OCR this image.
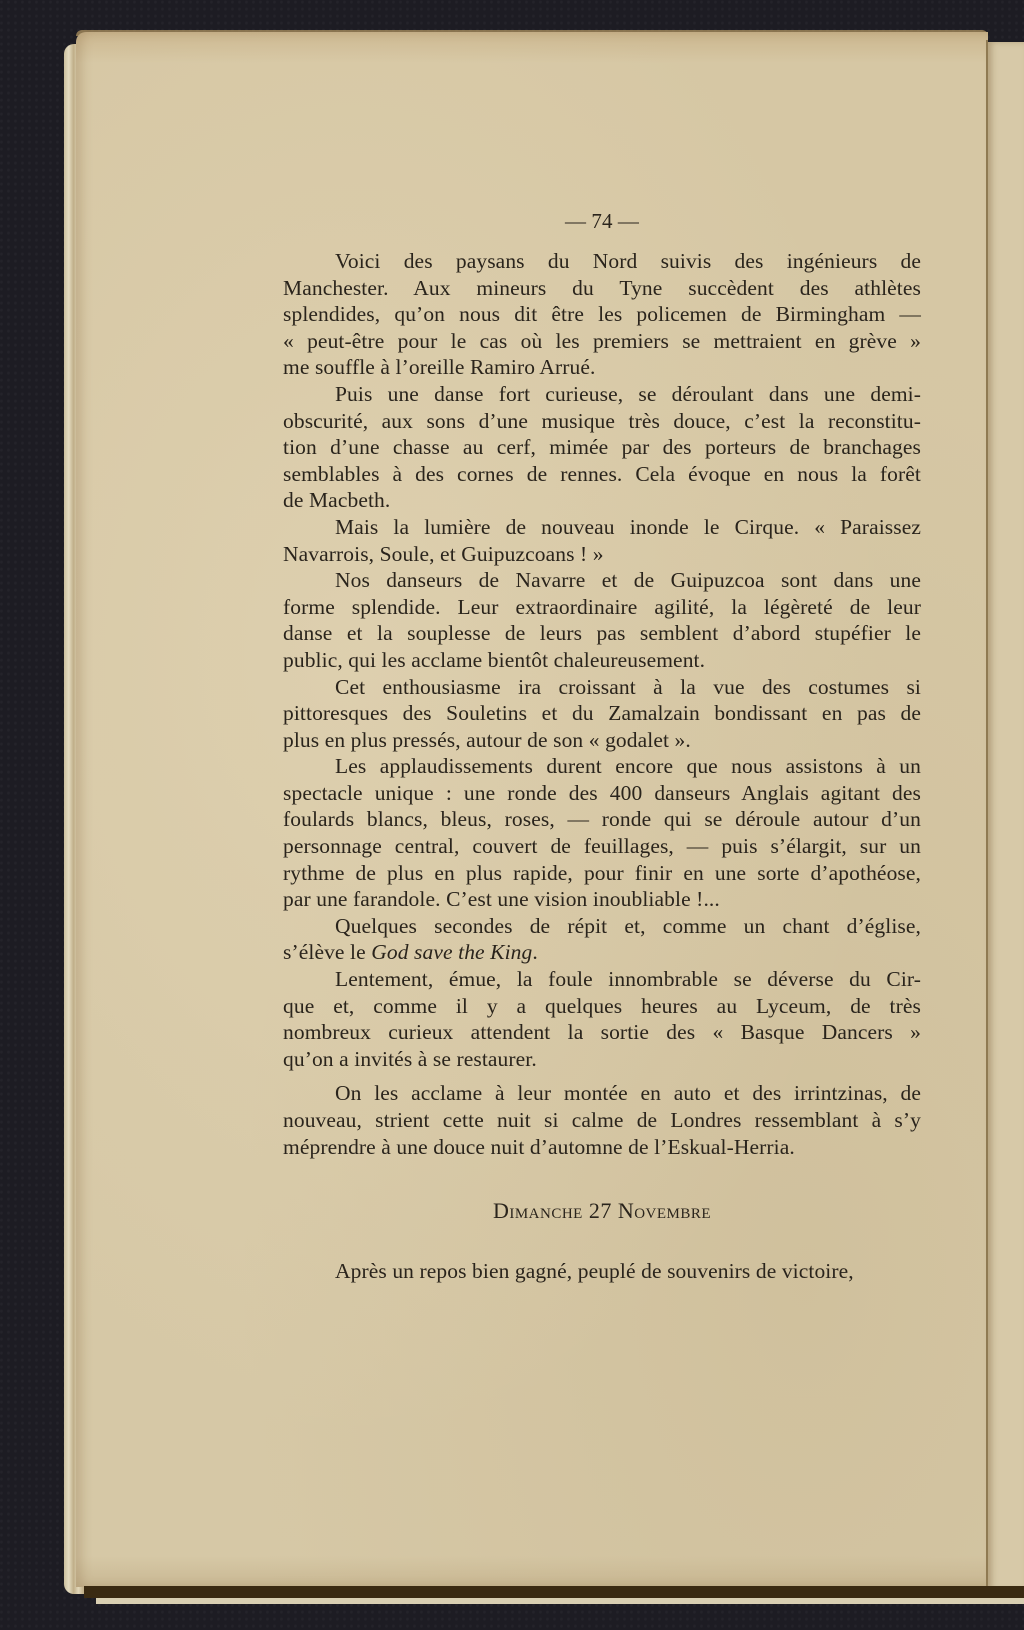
— 74 —
Voici des paysans du Nord suivis des ingénieurs de
Manchester. Aux mineurs du Tyne succèdent des athlètes
splendides, qu’on nous dit être les policemen de Birmingham —
« peut-être pour le cas où les premiers se mettraient en grève »
me souffle à l’oreille Ramiro Arrué.
Puis une danse fort curieuse, se déroulant dans une demi-
obscurité, aux sons d’une musique très douce, c’est la reconstitu-
tion d’une chasse au cerf, mimée par des porteurs de branchages
semblables à des cornes de rennes. Cela évoque en nous la forêt
de Macbeth.
Mais la lumière de nouveau inonde le Cirque. « Paraissez
Navarrois, Soule, et Guipuzcoans ! »
Nos danseurs de Navarre et de Guipuzcoa sont dans une
forme splendide. Leur extraordinaire agilité, la légèreté de leur
danse et la souplesse de leurs pas semblent d’abord stupéfier le
public, qui les acclame bientôt chaleureusement.
Cet enthousiasme ira croissant à la vue des costumes si
pittoresques des Souletins et du Zamalzain bondissant en pas de
plus en plus pressés, autour de son « godalet ».
Les applaudissements durent encore que nous assistons à un
spectacle unique : une ronde des 400 danseurs Anglais agitant des
foulards blancs, bleus, roses, — ronde qui se déroule autour d’un
personnage central, couvert de feuillages, — puis s’élargit, sur un
rythme de plus en plus rapide, pour finir en une sorte d’apothéose,
par une farandole. C’est une vision inoubliable !...
Quelques secondes de répit et, comme un chant d’église,
s’élève le God save the King.
Lentement, émue, la foule innombrable se déverse du Cir-
que et, comme il y a quelques heures au Lyceum, de très
nombreux curieux attendent la sortie des « Basque Dancers »
qu’on a invités à se restaurer.
On les acclame à leur montée en auto et des irrintzinas, de
nouveau, strient cette nuit si calme de Londres ressemblant à s’y
méprendre à une douce nuit d’automne de l’Eskual-Herria.
Dimanche 27 Novembre
Après un repos bien gagné, peuplé de souvenirs de victoire,
